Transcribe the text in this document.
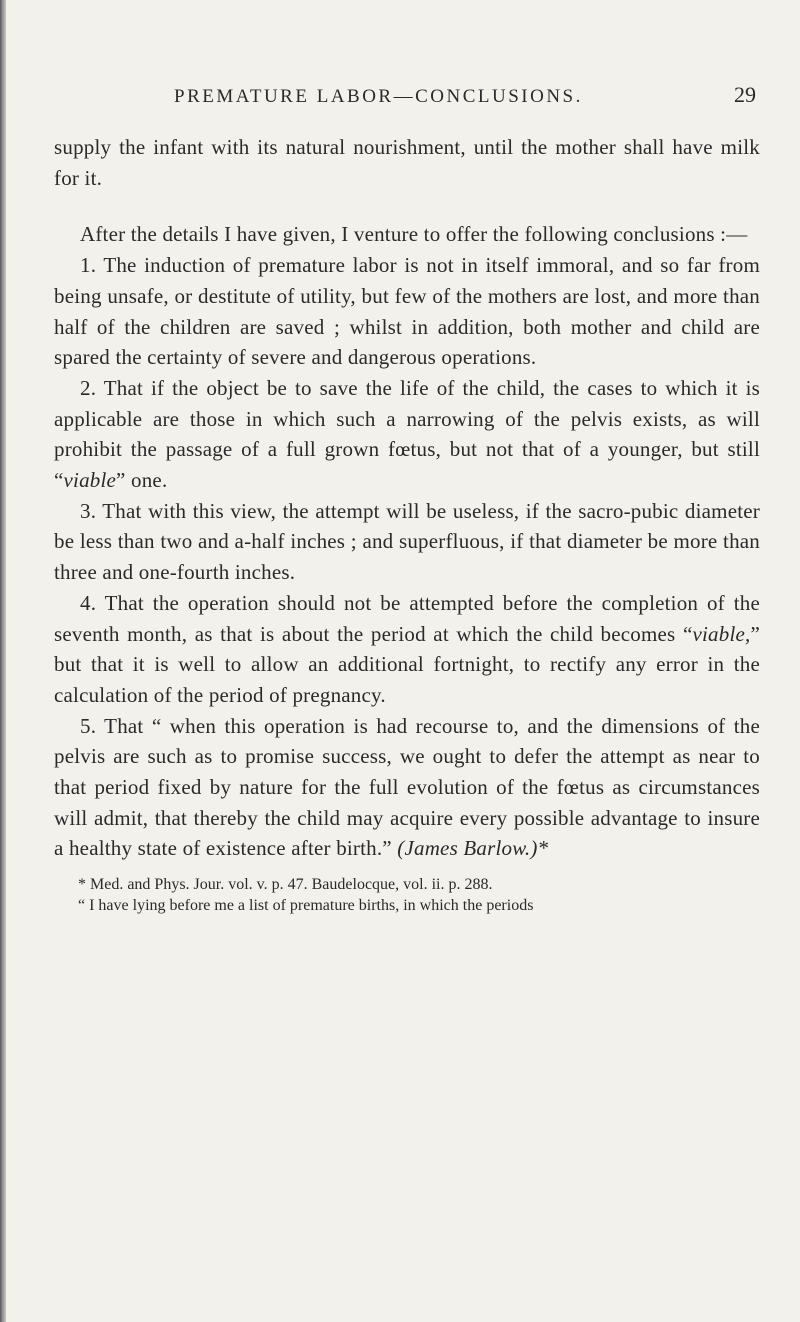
PREMATURE LABOR—CONCLUSIONS.	29

supply the infant with its natural nourishment, until the mother shall have milk for it.

After the details I have given, I venture to offer the following conclusions :—

1. The induction of premature labor is not in itself immoral, and so far from being unsafe, or destitute of utility, but few of the mothers are lost, and more than half of the children are saved ; whilst in addition, both mother and child are spared the certainty of severe and dangerous operations.

2. That if the object be to save the life of the child, the cases to which it is applicable are those in which such a narrowing of the pelvis exists, as will prohibit the passage of a full grown fœtus, but not that of a younger, but still “viable” one.

3. That with this view, the attempt will be useless, if the sacro-pubic diameter be less than two and a-half inches ; and superfluous, if that diameter be more than three and one-fourth inches.

4. That the operation should not be attempted before the completion of the seventh month, as that is about the period at which the child becomes “viable,” but that it is well to allow an additional fortnight, to rectify any error in the calculation of the period of pregnancy.

5. That “ when this operation is had recourse to, and the dimensions of the pelvis are such as to promise success, we ought to defer the attempt as near to that period fixed by nature for the full evolution of the fœtus as circumstances will admit, that thereby the child may acquire every possible advantage to insure a healthy state of existence after birth.” (James Barlow.)*

* Med. and Phys. Jour. vol. v. p. 47. Baudelocque, vol. ii. p. 288.

“ I have lying before me a list of premature births, in which the periods
